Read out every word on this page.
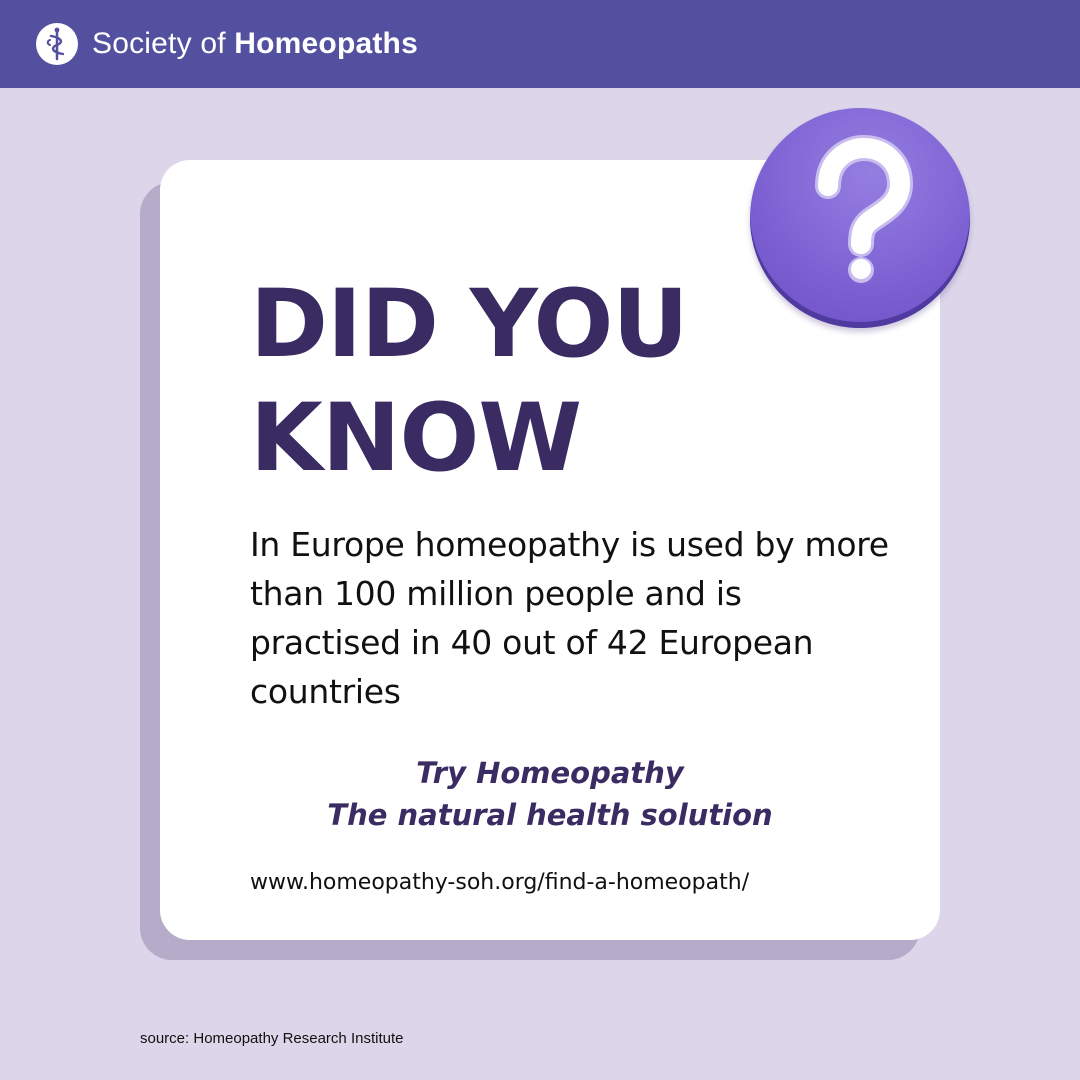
Society of Homeopaths
DID YOU
KNOW
In Europe homeopathy is used by more than 100 million people and is practised in 40 out of 42 European countries
Try Homeopathy
The natural health solution
www.homeopathy-soh.org/find-a-homeopath/
source: Homeopathy Research Institute
